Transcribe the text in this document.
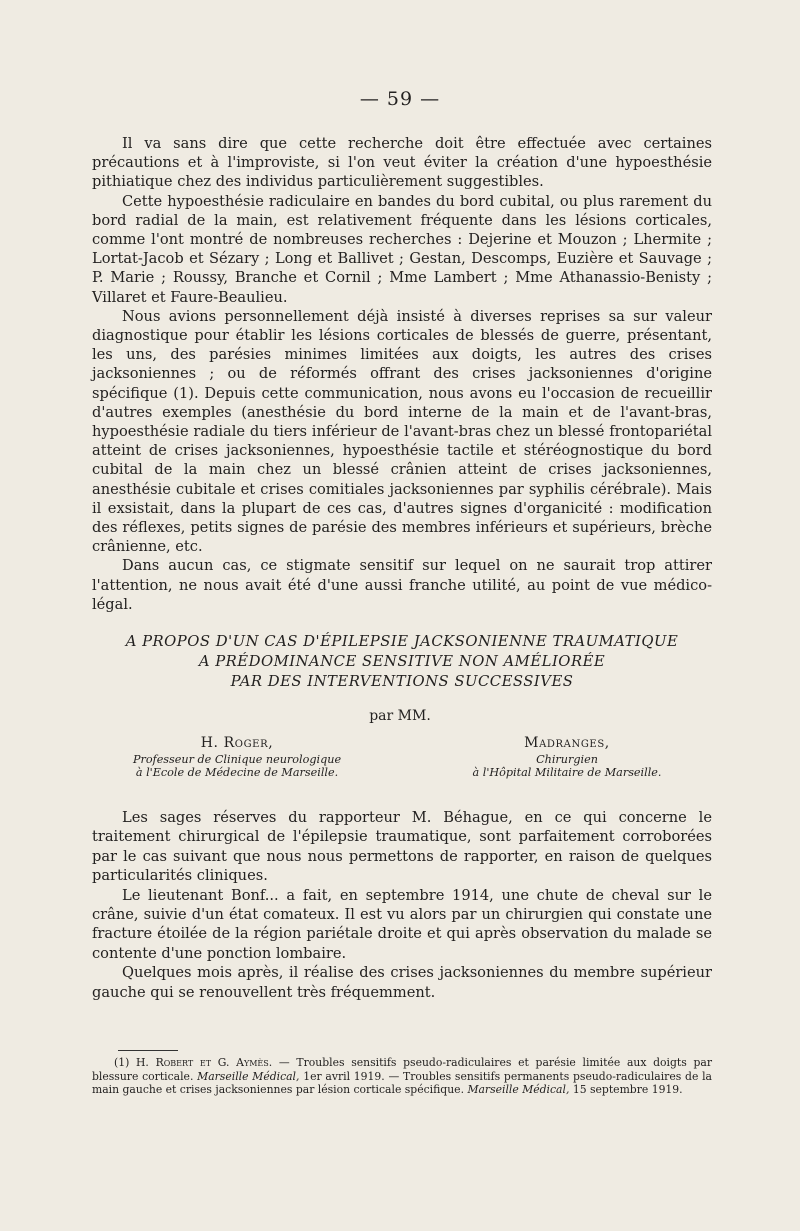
— 59 —

Il va sans dire que cette recherche doit être effectuée avec certaines précautions et à l'improviste, si l'on veut éviter la création d'une hypoesthésie pithiatique chez des individus particulièrement suggestibles.

Cette hypoesthésie radiculaire en bandes du bord cubital, ou plus rarement du bord radial de la main, est relativement fréquente dans les lésions corticales, comme l'ont montré de nombreuses recherches : Dejerine et Mouzon ; Lhermite ; Lortat-Jacob et Sézary ; Long et Ballivet ; Gestan, Descomps, Euzière et Sauvage ; P. Marie ; Roussy, Branche et Cornil ; Mme Lambert ; Mme Athanassio-Benisty ; Villaret et Faure-Beaulieu.

Nous avions personnellement déjà insisté à diverses reprises sa sur valeur diagnostique pour établir les lésions corticales de blessés de guerre, présentant, les uns, des parésies minimes limitées aux doigts, les autres des crises jacksoniennes ; ou de réformés offrant des crises jacksoniennes d'origine spécifique (1). Depuis cette communication, nous avons eu l'occasion de recueillir d'autres exemples (anesthésie du bord interne de la main et de l'avant-bras, hypoesthésie radiale du tiers inférieur de l'avant-bras chez un blessé frontopariétal atteint de crises jacksoniennes, hypoesthésie tactile et stéréognostique du bord cubital de la main chez un blessé crânien atteint de crises jacksoniennes, anesthésie cubitale et crises comitiales jacksoniennes par syphilis cérébrale). Mais il exsistait, dans la plupart de ces cas, d'autres signes d'organicité : modification des réflexes, petits signes de parésie des membres inférieurs et supérieurs, brèche crânienne, etc.

Dans aucun cas, ce stigmate sensitif sur lequel on ne saurait trop attirer l'attention, ne nous avait été d'une aussi franche utilité, au point de vue médico-légal.

A PROPOS D'UN CAS D'ÉPILEPSIE JACKSONIENNE TRAUMATIQUE
A PRÉDOMINANCE SENSITIVE NON AMÉLIORÉE
PAR DES INTERVENTIONS SUCCESSIVES
par MM.
H. Roger,
Professeur de Clinique neurologique
à l'Ecole de Médecine de Marseille.
Madranges,
Chirurgien
à l'Hôpital Militaire de Marseille.

Les sages réserves du rapporteur M. Béhague, en ce qui concerne le traitement chirurgical de l'épilepsie traumatique, sont parfaitement corroborées par le cas suivant que nous nous permettons de rapporter, en raison de quelques particularités cliniques.

Le lieutenant Bonf... a fait, en septembre 1914, une chute de cheval sur le crâne, suivie d'un état comateux. Il est vu alors par un chirurgien qui constate une fracture étoilée de la région pariétale droite et qui après observation du malade se contente d'une ponction lombaire.

Quelques mois après, il réalise des crises jacksoniennes du membre supérieur gauche qui se renouvellent très fréquemment.

(1) H. Robert et G. Aymès. — Troubles sensitifs pseudo-radiculaires et parésie limitée aux doigts par blessure corticale. Marseille Médical, 1er avril 1919. — Troubles sensitifs permanents pseudo-radiculaires de la main gauche et crises jacksoniennes par lésion corticale spécifique. Marseille Médical, 15 septembre 1919.
